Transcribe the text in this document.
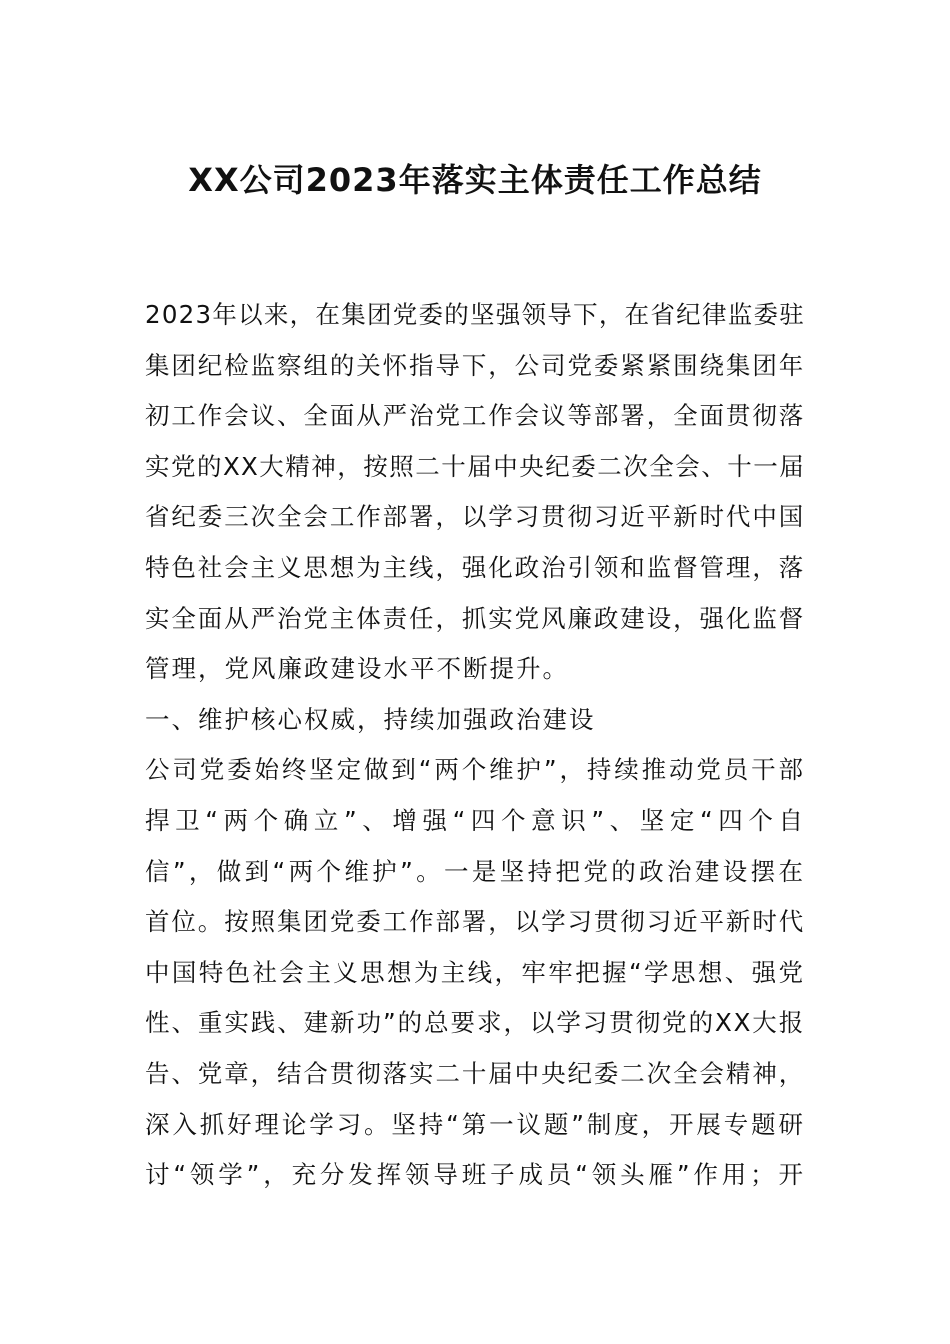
XX公司2023年落实主体责任工作总结
2023年以来，在集团党委的坚强领导下，在省纪律监委驻
集团纪检监察组的关怀指导下，公司党委紧紧围绕集团年
初工作会议、全面从严治党工作会议等部署，全面贯彻落
实党的XX大精神，按照二十届中央纪委二次全会、十一届
省纪委三次全会工作部署，以学习贯彻习近平新时代中国
特色社会主义思想为主线，强化政治引领和监督管理，落
实全面从严治党主体责任，抓实党风廉政建设，强化监督
管理，党风廉政建设水平不断提升。
一、维护核心权威，持续加强政治建设
公司党委始终坚定做到“两个维护”，持续推动党员干部
捍卫“两个确立”、增强“四个意识”、坚定“四个自
信”，做到“两个维护”。一是坚持把党的政治建设摆在
首位。按照集团党委工作部署，以学习贯彻习近平新时代
中国特色社会主义思想为主线，牢牢把握“学思想、强党
性、重实践、建新功”的总要求，以学习贯彻党的XX大报
告、党章，结合贯彻落实二十届中央纪委二次全会精神，
深入抓好理论学习。坚持“第一议题”制度，开展专题研
讨“领学”，充分发挥领导班子成员“领头雁”作用；开
